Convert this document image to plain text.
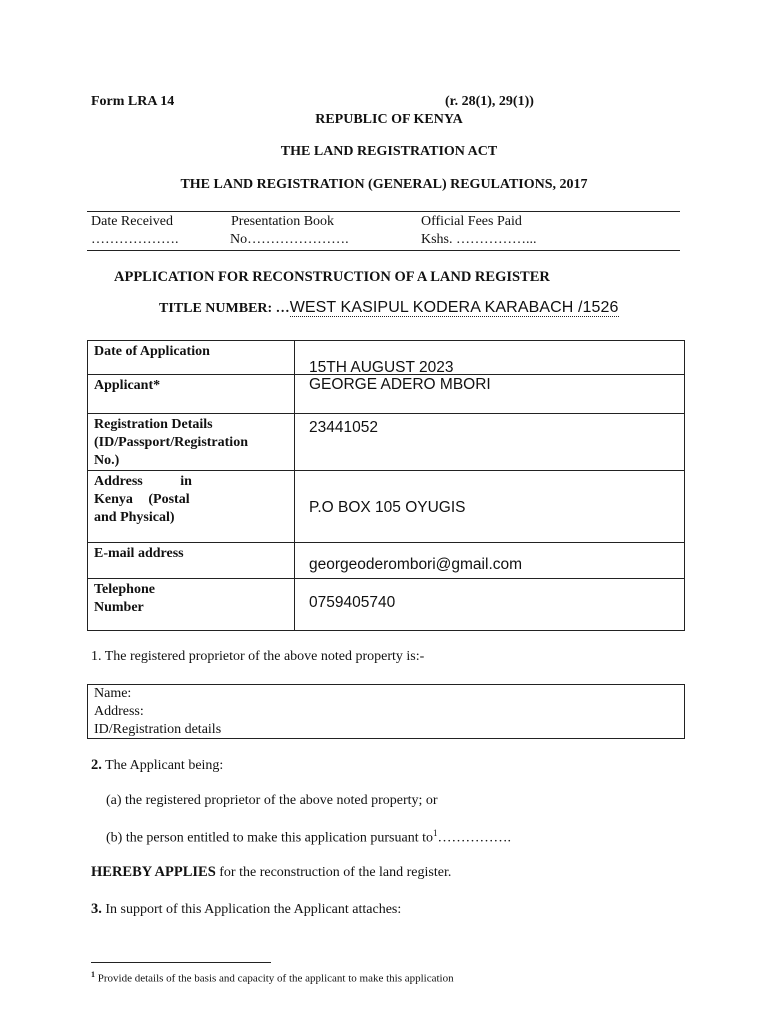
Form LRA 14	(r. 28(1), 29(1))
REPUBLIC OF KENYA
THE LAND REGISTRATION ACT
THE LAND REGISTRATION (GENERAL) REGULATIONS, 2017
Date Received
……………….
Presentation Book
No………………….
Official Fees Paid
Kshs. ……………...
APPLICATION FOR RECONSTRUCTION OF A LAND REGISTER
TITLE NUMBER: …WEST KASIPUL KODERA KARABACH /1526
Date of Application	15TH AUGUST 2023

Applicant*	GEORGE ADERO MBORI

Registration Details
(ID/Passport/Registration
No.)	23441052

Address in
Kenya (Postal
and Physical)	P.O BOX 105 OYUGIS

E-mail address	georgeoderombori@gmail.com

Telephone
Number	0759405740
1. The registered proprietor of the above noted property is:-
Name:
Address:
ID/Registration details
2. The Applicant being:
(a) the registered proprietor of the above noted property; or
(b) the person entitled to make this application pursuant $to^1\dots\dots\dots\dots\dots$.
HEREBY APPLIES for the reconstruction of the land register.
3. In support of this Application the Applicant attaches:
$^1$ Provide details of the basis and capacity of the applicant to make this application
